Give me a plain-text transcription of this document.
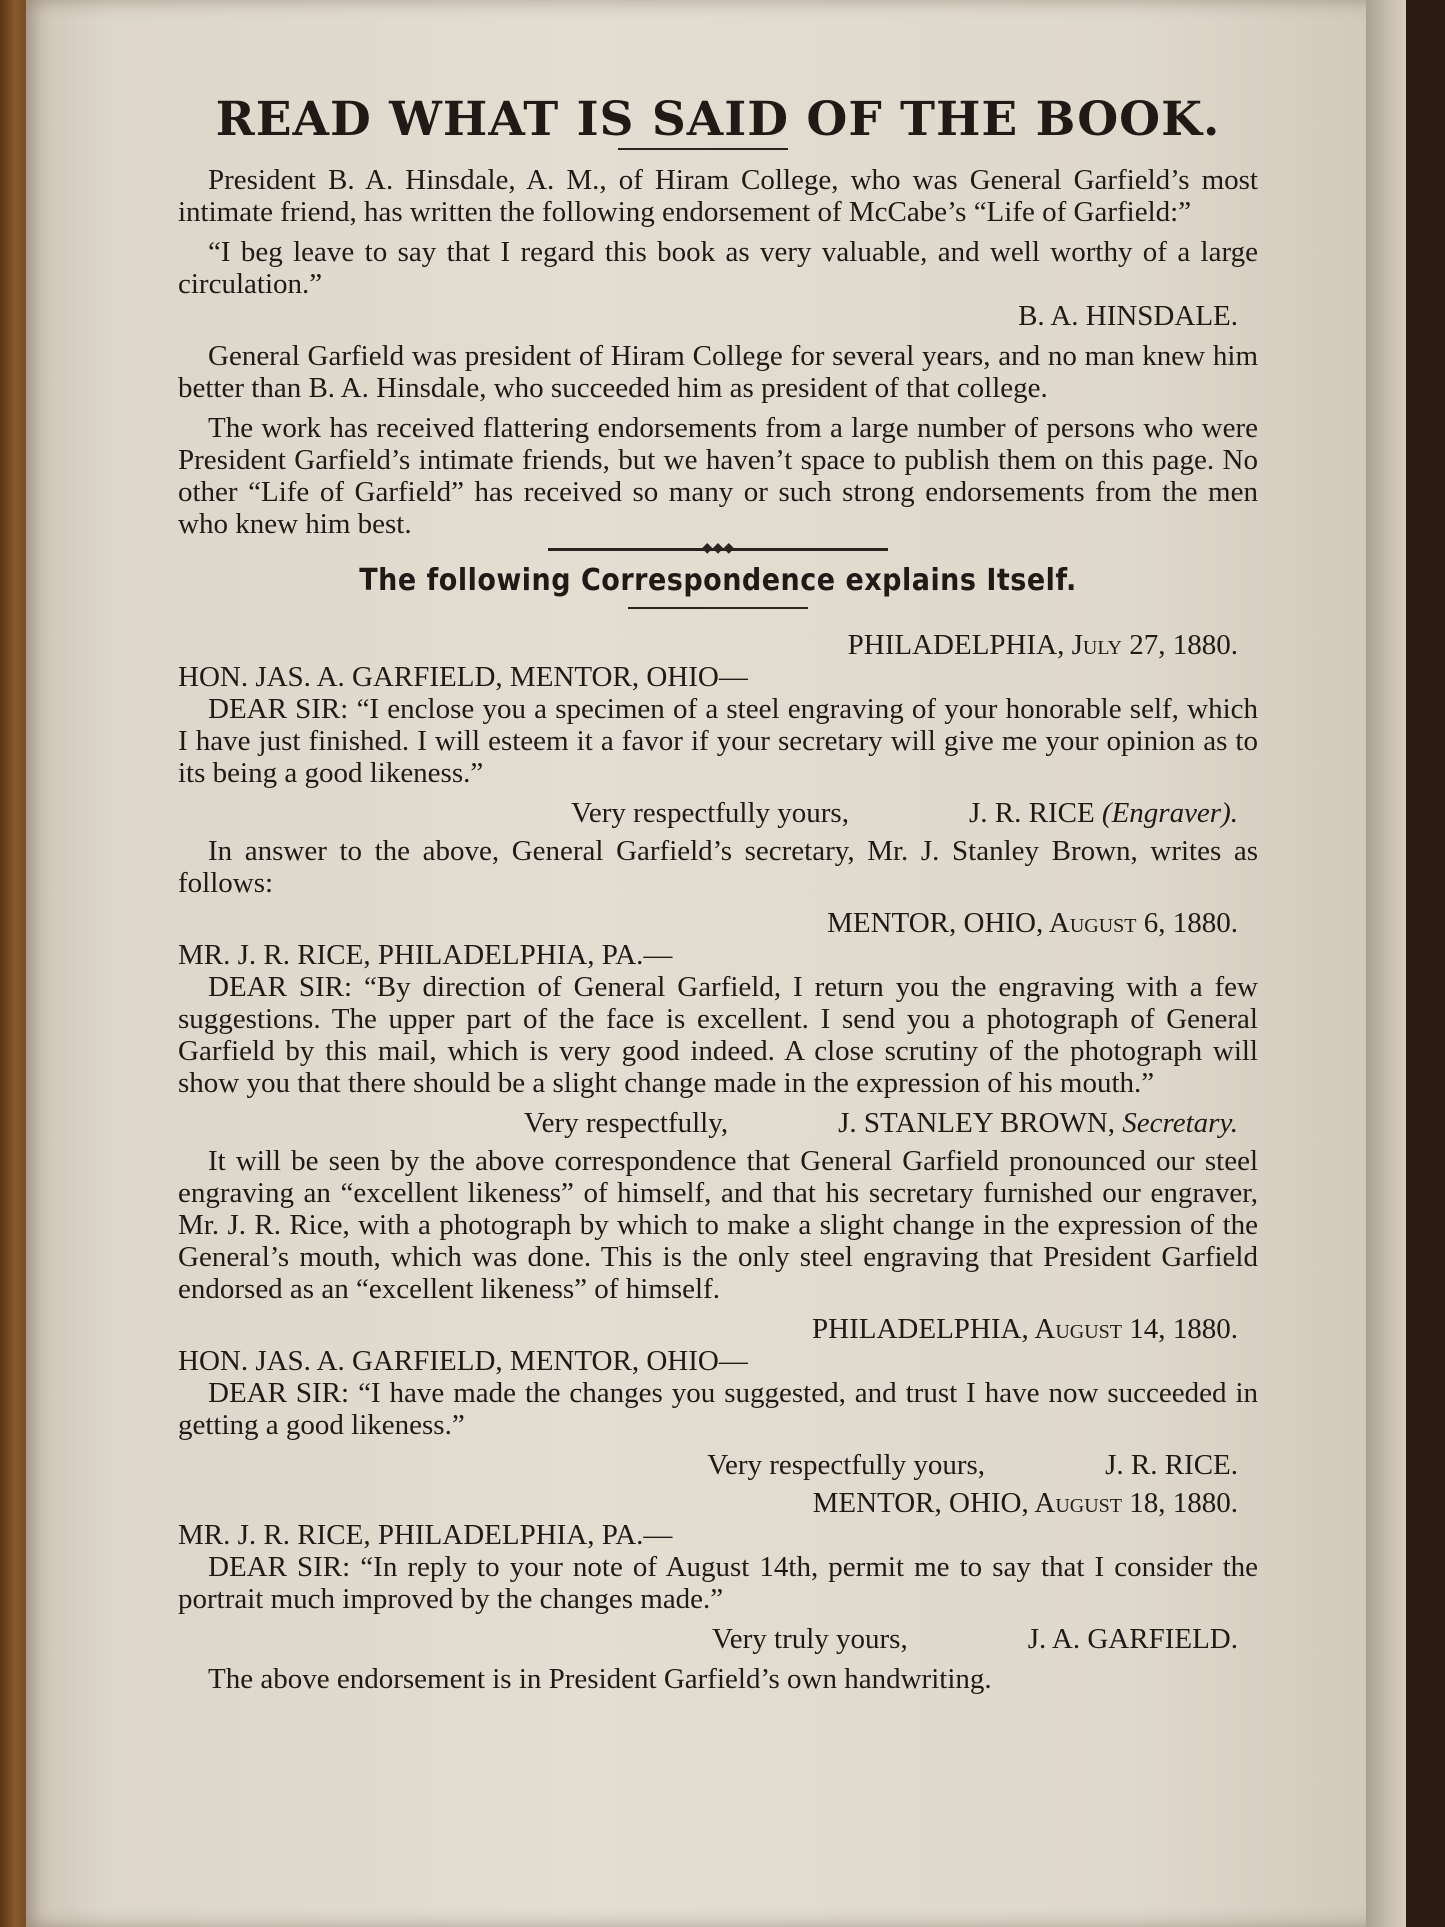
READ WHAT IS SAID OF THE BOOK.

President B. A. Hinsdale, A. M., of Hiram College, who was General Garfield’s most intimate friend, has written the following endorsement of McCabe’s “Life of Garfield:”

“I beg leave to say that I regard this book as very valuable, and well worthy of a large circulation.”

B. A. HINSDALE.

General Garfield was president of Hiram College for several years, and no man knew him better than B. A. Hinsdale, who succeeded him as president of that college.

The work has received flattering endorsements from a large number of persons who were President Garfield’s intimate friends, but we haven’t space to publish them on this page. No other “Life of Garfield” has received so many or such strong endorsements from the men who knew him best.

◆◆◆
The following Correspondence explains Itself.

PHILADELPHIA, July 27, 1880.

HON. JAS. A. GARFIELD, MENTOR, OHIO—

DEAR SIR: “I enclose you a specimen of a steel engraving of your honorable self, which I have just finished. I will esteem it a favor if your secretary will give me your opinion as to its being a good likeness.”

Very respectfully yours,	J. R. RICE (Engraver).

In answer to the above, General Garfield’s secretary, Mr. J. Stanley Brown, writes as follows:

MENTOR, OHIO, August 6, 1880.

MR. J. R. RICE, PHILADELPHIA, PA.—

DEAR SIR: “By direction of General Garfield, I return you the engraving with a few suggestions. The upper part of the face is excellent. I send you a photograph of General Garfield by this mail, which is very good indeed. A close scrutiny of the photograph will show you that there should be a slight change made in the expression of his mouth.”

Very respectfully,	J. STANLEY BROWN, Secretary.

It will be seen by the above correspondence that General Garfield pronounced our steel engraving an “excellent likeness” of himself, and that his secretary furnished our engraver, Mr. J. R. Rice, with a photograph by which to make a slight change in the expression of the General’s mouth, which was done. This is the only steel engraving that President Garfield endorsed as an “excellent likeness” of himself.

PHILADELPHIA, August 14, 1880.

HON. JAS. A. GARFIELD, MENTOR, OHIO—

DEAR SIR: “I have made the changes you suggested, and trust I have now succeeded in getting a good likeness.”

Very respectfully yours,	J. R. RICE.

MENTOR, OHIO, August 18, 1880.

MR. J. R. RICE, PHILADELPHIA, PA.—

DEAR SIR: “In reply to your note of August 14th, permit me to say that I consider the portrait much improved by the changes made.”

Very truly yours,	J. A. GARFIELD.

The above endorsement is in President Garfield’s own handwriting.
